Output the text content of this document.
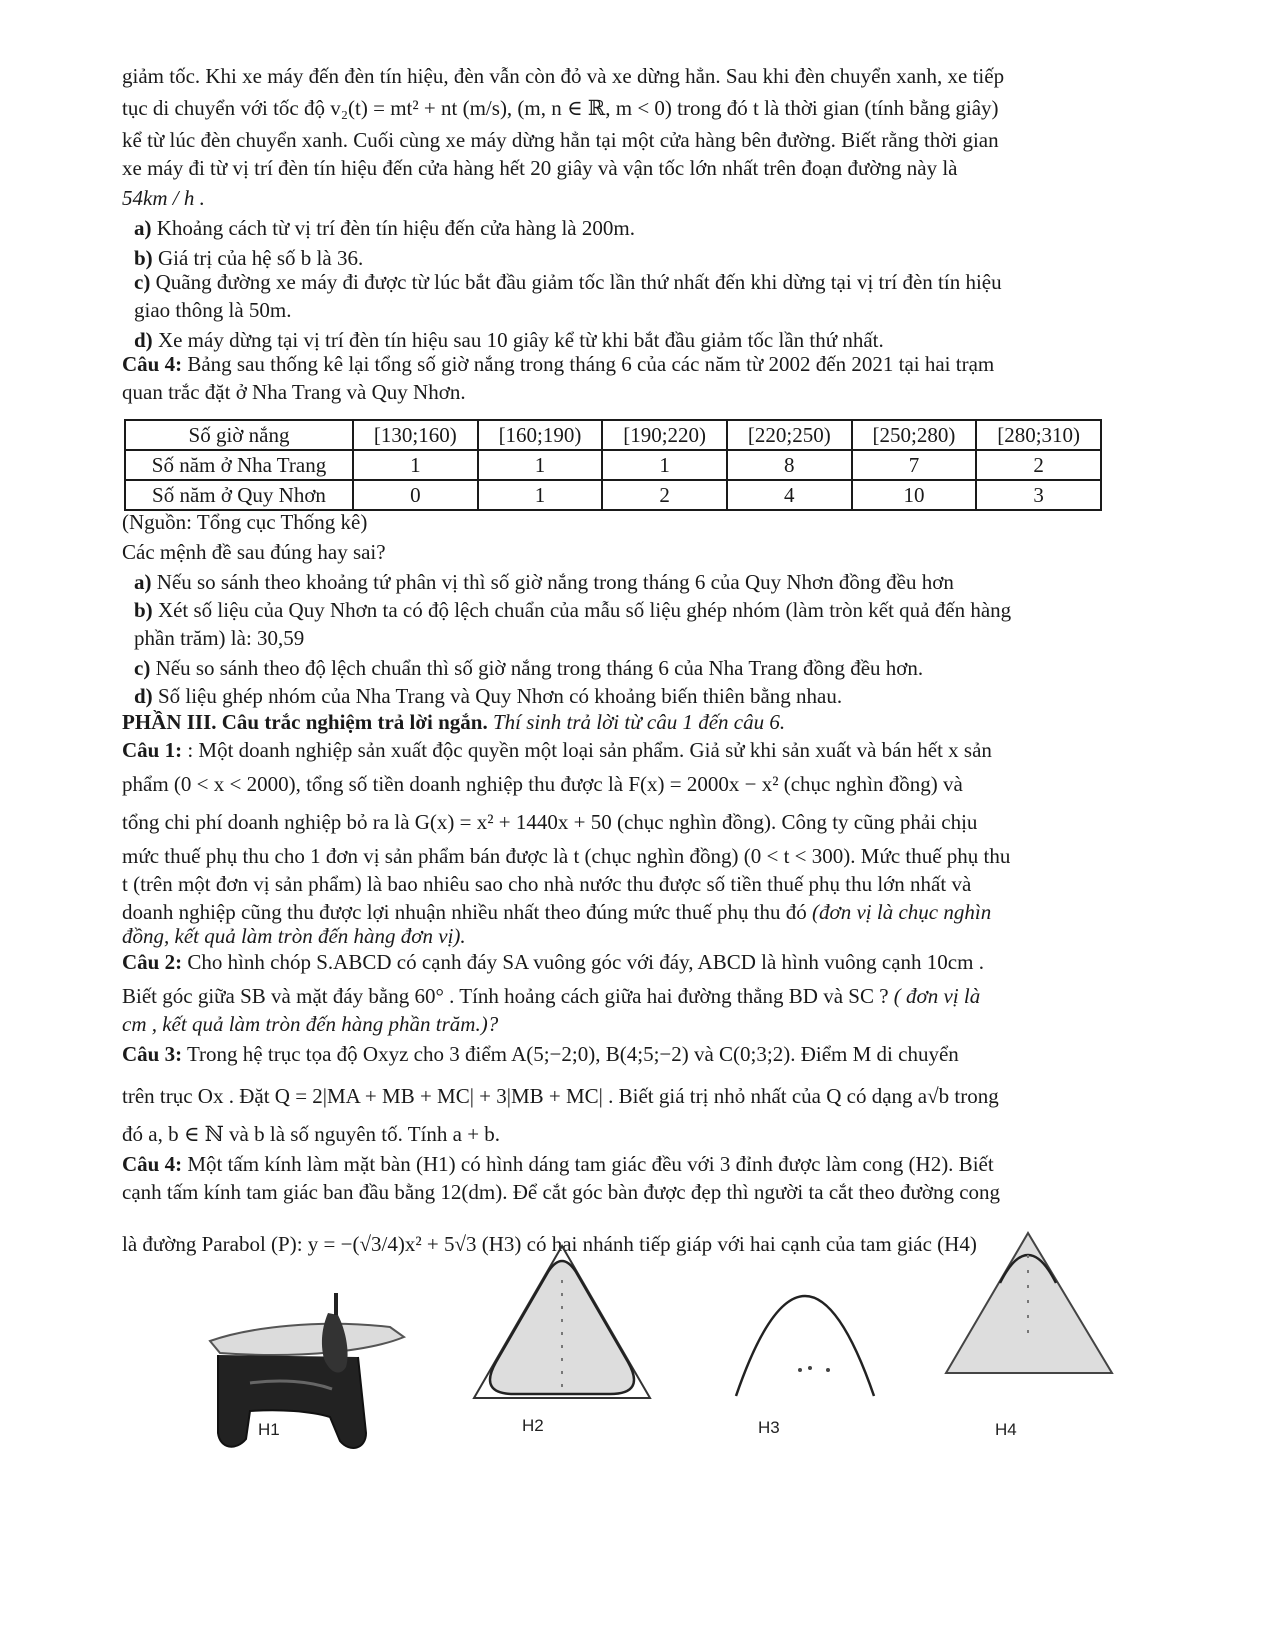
giảm tốc. Khi xe máy đến đèn tín hiệu, đèn vẫn còn đỏ và xe dừng hẳn. Sau khi đèn chuyển xanh, xe tiếp
tục di chuyển với tốc độ v₂(t) = mt² + nt (m/s), (m, n ∈ ℝ, m < 0) trong đó t là thời gian (tính bằng giây)
kể từ lúc đèn chuyển xanh. Cuối cùng xe máy dừng hẳn tại một cửa hàng bên đường. Biết rằng thời gian
xe máy đi từ vị trí đèn tín hiệu đến cửa hàng hết 20 giây và vận tốc lớn nhất trên đoạn đường này là
54km / h .
a) Khoảng cách từ vị trí đèn tín hiệu đến cửa hàng là 200m.
b) Giá trị của hệ số b là 36.
c) Quãng đường xe máy đi được từ lúc bắt đầu giảm tốc lần thứ nhất đến khi dừng tại vị trí đèn tín hiệu
giao thông là 50m.
d) Xe máy dừng tại vị trí đèn tín hiệu sau 10 giây kể từ khi bắt đầu giảm tốc lần thứ nhất.
Câu 4: Bảng sau thống kê lại tổng số giờ nắng trong tháng 6 của các năm từ 2002 đến 2021 tại hai trạm
quan trắc đặt ở Nha Trang và Quy Nhơn.
Số giờ nắng	[130;160)	[160;190)	[190;220)	[220;250)	[250;280)	[280;310)
Số năm ở Nha Trang	1	1	1	8	7	2
Số năm ở Quy Nhơn	0	1	2	4	10	3
(Nguồn: Tổng cục Thống kê)
Các mệnh đề sau đúng hay sai?
a) Nếu so sánh theo khoảng tứ phân vị thì số giờ nắng trong tháng 6 của Quy Nhơn đồng đều hơn
b) Xét số liệu của Quy Nhơn ta có độ lệch chuẩn của mẫu số liệu ghép nhóm (làm tròn kết quả đến hàng
phần trăm) là: 30,59
c) Nếu so sánh theo độ lệch chuẩn thì số giờ nắng trong tháng 6 của Nha Trang đồng đều hơn.
d) Số liệu ghép nhóm của Nha Trang và Quy Nhơn có khoảng biến thiên bằng nhau.
PHẦN III. Câu trắc nghiệm trả lời ngắn. Thí sinh trả lời từ câu 1 đến câu 6.
Câu 1: : Một doanh nghiệp sản xuất độc quyền một loại sản phẩm. Giả sử khi sản xuất và bán hết x sản
phẩm (0 < x < 2000), tổng số tiền doanh nghiệp thu được là F(x) = 2000x − x² (chục nghìn đồng) và
tổng chi phí doanh nghiệp bỏ ra là G(x) = x² + 1440x + 50 (chục nghìn đồng). Công ty cũng phải chịu
mức thuế phụ thu cho 1 đơn vị sản phẩm bán được là t (chục nghìn đồng) (0 < t < 300). Mức thuế phụ thu
t (trên một đơn vị sản phẩm) là bao nhiêu sao cho nhà nước thu được số tiền thuế phụ thu lớn nhất và
doanh nghiệp cũng thu được lợi nhuận nhiều nhất theo đúng mức thuế phụ thu đó (đơn vị là chục nghìn
đồng, kết quả làm tròn đến hàng đơn vị).
Câu 2: Cho hình chóp S.ABCD có cạnh đáy SA vuông góc với đáy, ABCD là hình vuông cạnh 10cm .
Biết góc giữa SB và mặt đáy bằng 60° . Tính hoảng cách giữa hai đường thẳng BD và SC ? ( đơn vị là
cm , kết quả làm tròn đến hàng phần trăm.)?
Câu 3: Trong hệ trục tọa độ Oxyz cho 3 điểm A(5;−2;0), B(4;5;−2) và C(0;3;2). Điểm M di chuyển
trên trục Ox . Đặt Q = 2|MA + MB + MC| + 3|MB + MC| . Biết giá trị nhỏ nhất của Q có dạng a√b trong
đó a, b ∈ ℕ và b là số nguyên tố. Tính a + b.
Câu 4: Một tấm kính làm mặt bàn (H1) có hình dáng tam giác đều với 3 đỉnh được làm cong (H2). Biết
cạnh tấm kính tam giác ban đầu bằng 12(dm). Để cắt góc bàn được đẹp thì người ta cắt theo đường cong
là đường Parabol (P): y = −(√3/4)x² + 5√3 (H3) có hai nhánh tiếp giáp với hai cạnh của tam giác (H4)
H1	H2	H3	H4
